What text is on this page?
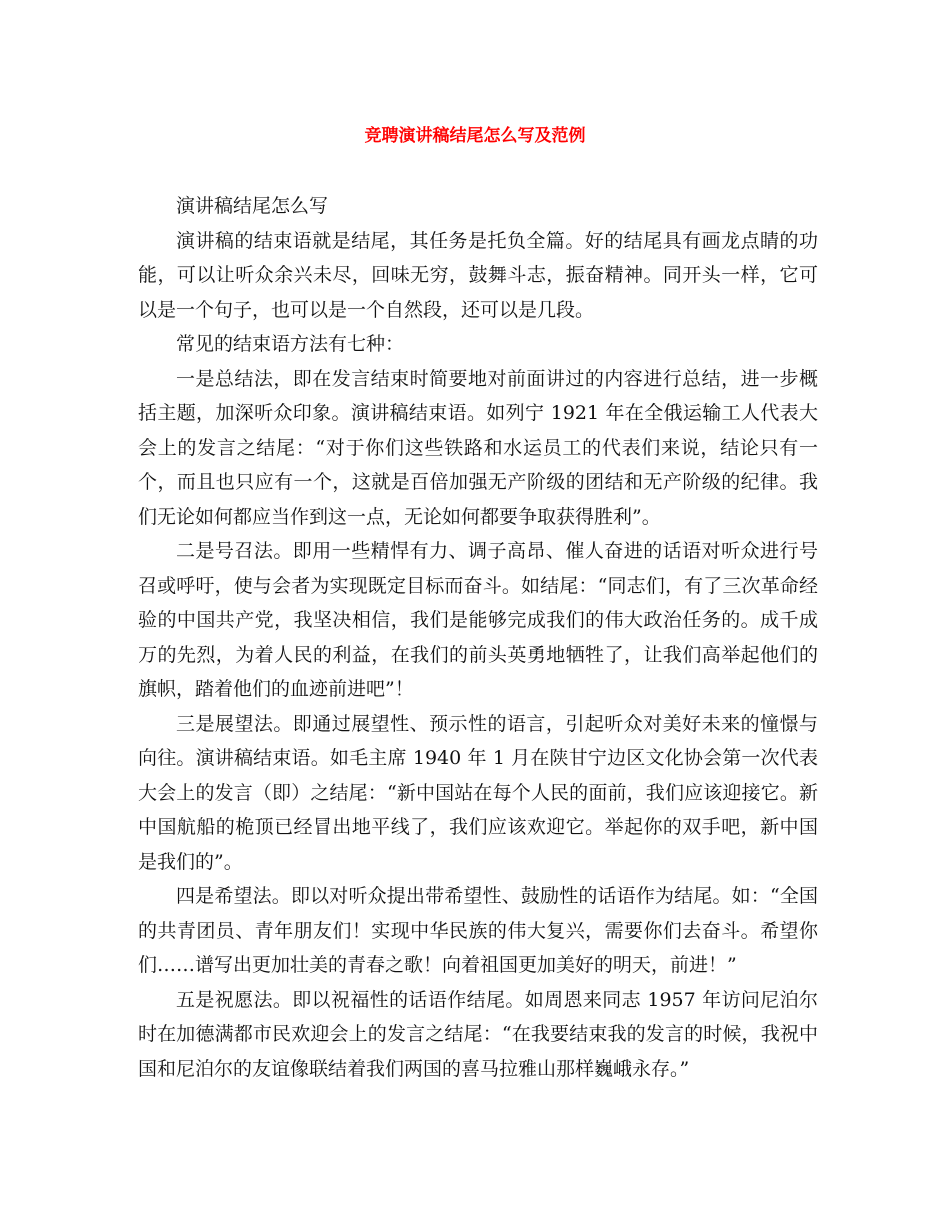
竞聘演讲稿结尾怎么写及范例

演讲稿结尾怎么写

演讲稿的结束语就是结尾，其任务是托负全篇。好的结尾具有画龙点睛的功能，可以让听众余兴未尽，回味无穷，鼓舞斗志，振奋精神。同开头一样，它可以是一个句子，也可以是一个自然段，还可以是几段。

常见的结束语方法有七种：

一是总结法，即在发言结束时简要地对前面讲过的内容进行总结，进一步概括主题，加深听众印象。演讲稿结束语。如列宁 1921 年在全俄运输工人代表大会上的发言之结尾：“对于你们这些铁路和水运员工的代表们来说，结论只有一个，而且也只应有一个，这就是百倍加强无产阶级的团结和无产阶级的纪律。我们无论如何都应当作到这一点，无论如何都要争取获得胜利”。

二是号召法。即用一些精悍有力、调子高昂、催人奋进的话语对听众进行号召或呼吁，使与会者为实现既定目标而奋斗。如结尾：“同志们，有了三次革命经验的中国共产党，我坚决相信，我们是能够完成我们的伟大政治任务的。成千成万的先烈，为着人民的利益，在我们的前头英勇地牺牲了，让我们高举起他们的旗帜，踏着他们的血迹前进吧”！

三是展望法。即通过展望性、预示性的语言，引起听众对美好未来的憧憬与向往。演讲稿结束语。如毛主席 1940 年 1 月在陕甘宁边区文化协会第一次代表大会上的发言（即）之结尾：“新中国站在每个人民的面前，我们应该迎接它。新中国航船的桅顶已经冒出地平线了，我们应该欢迎它。举起你的双手吧，新中国是我们的”。

四是希望法。即以对听众提出带希望性、鼓励性的话语作为结尾。如：“全国的共青团员、青年朋友们！实现中华民族的伟大复兴，需要你们去奋斗。希望你们……谱写出更加壮美的青春之歌！向着祖国更加美好的明天，前进！”

五是祝愿法。即以祝福性的话语作结尾。如周恩来同志 1957 年访问尼泊尔时在加德满都市民欢迎会上的发言之结尾：“在我要结束我的发言的时候，我祝中国和尼泊尔的友谊像联结着我们两国的喜马拉雅山那样巍峨永存。”
